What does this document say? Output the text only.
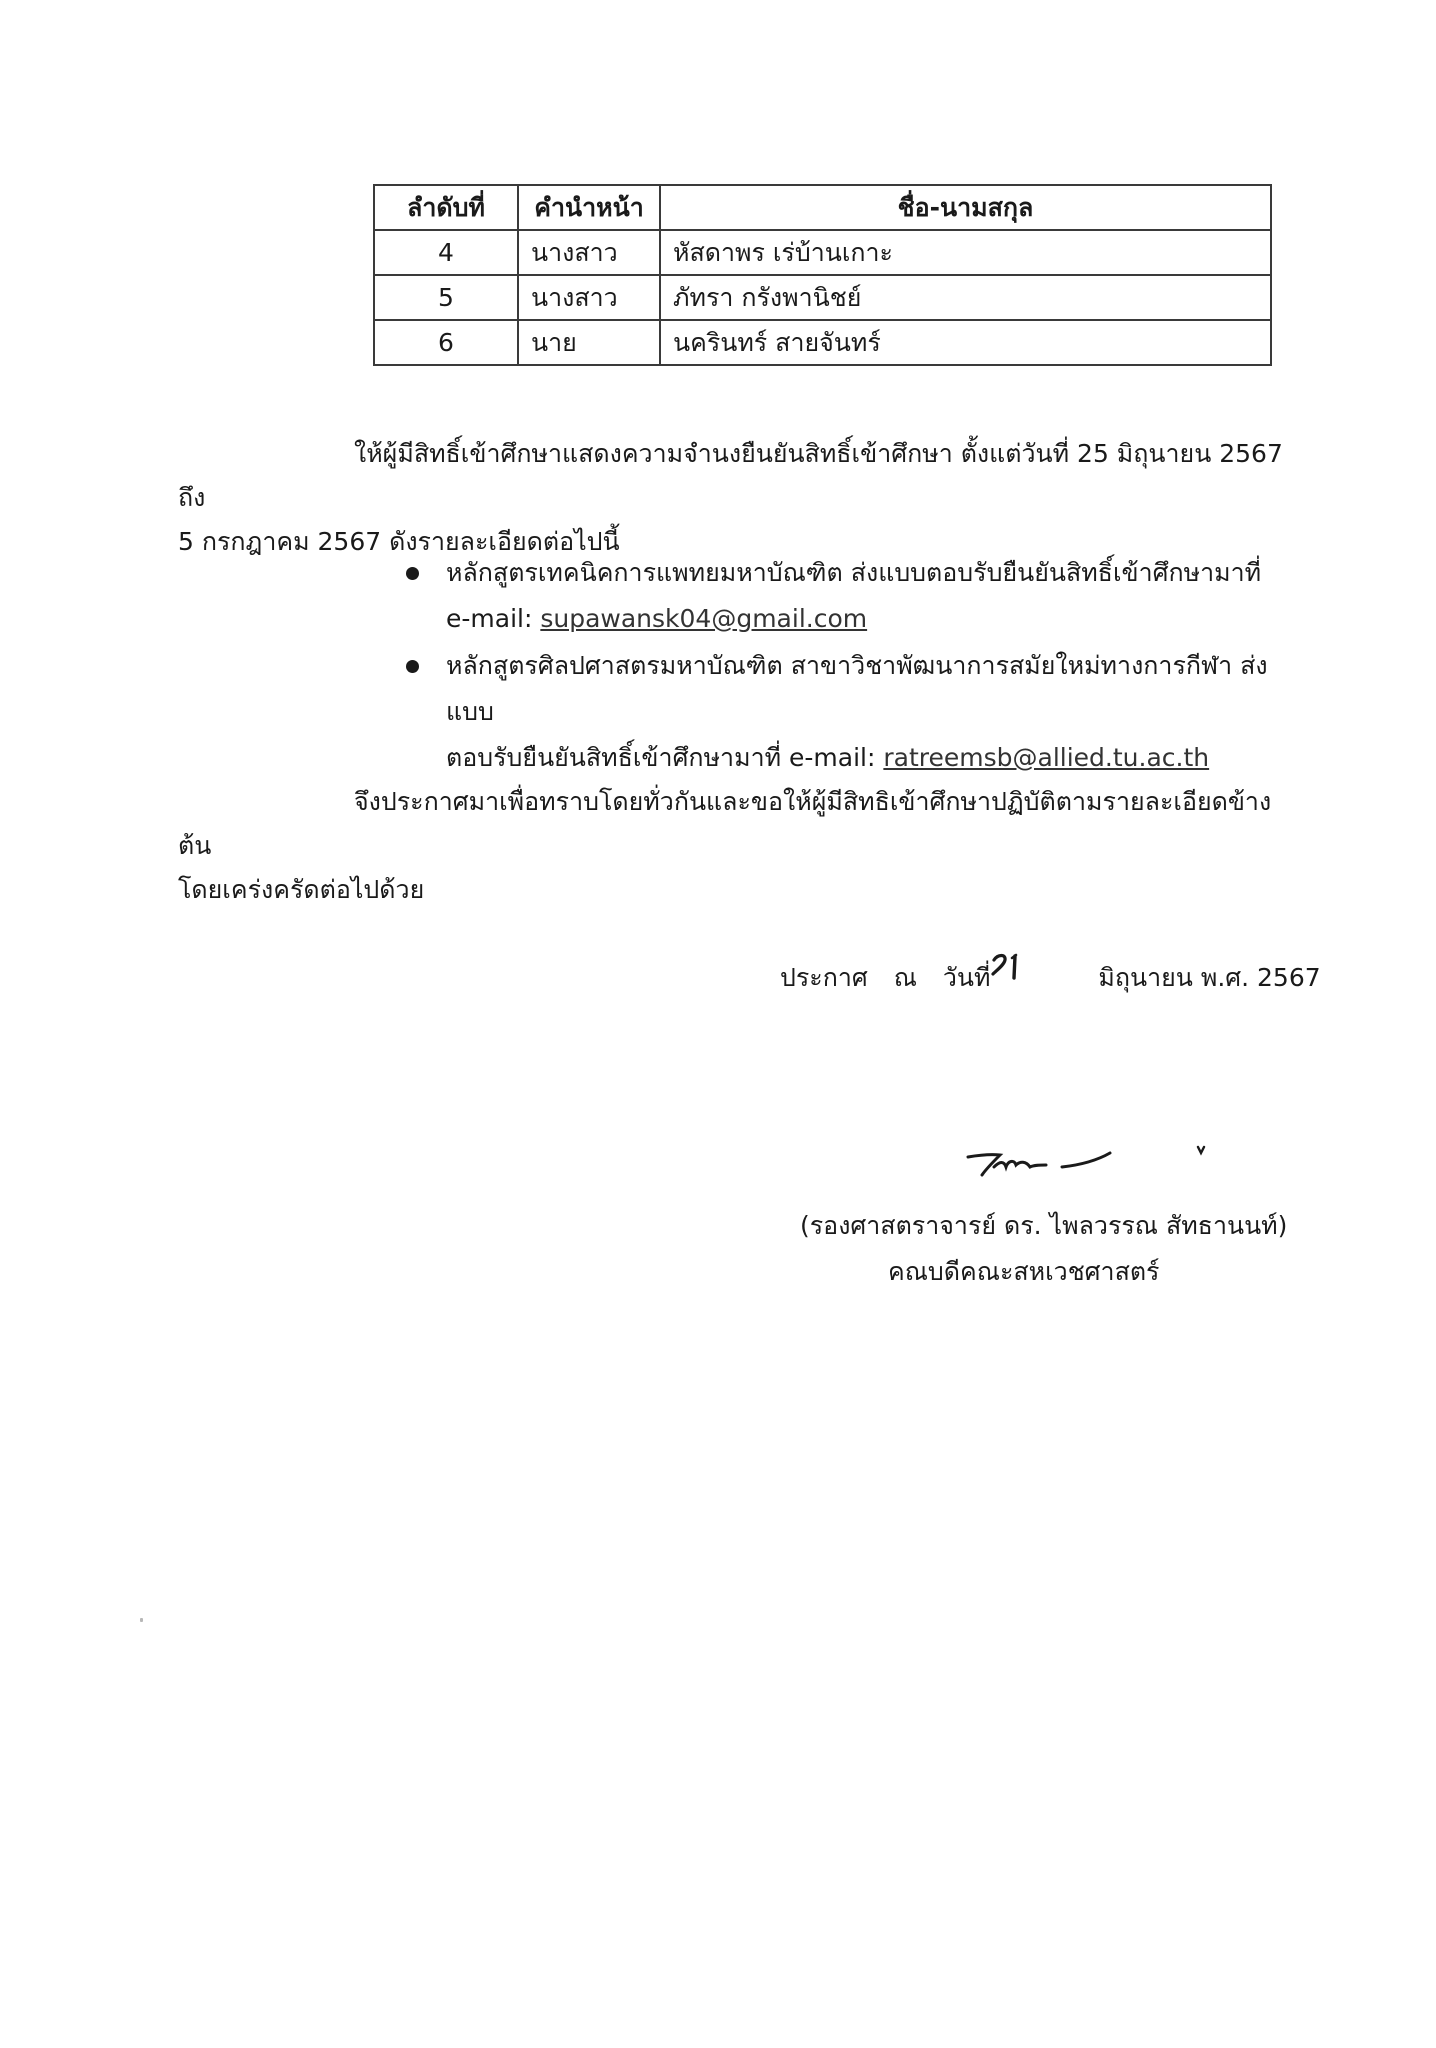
ลำดับที่	คำนำหน้า	ชื่อ-นามสกุล
4	นางสาว	หัสดาพร เร่บ้านเกาะ
5	นางสาว	ภัทรา กรังพานิชย์
6	นาย	นครินทร์ สายจันทร์

ให้ผู้มีสิทธิ์เข้าศึกษาแสดงความจำนงยืนยันสิทธิ์เข้าศึกษา ตั้งแต่วันที่ 25 มิถุนายน 2567 ถึง
5 กรกฎาคม 2567 ดังรายละเอียดต่อไปนี้

หลักสูตรเทคนิคการแพทยมหาบัณฑิต ส่งแบบตอบรับยืนยันสิทธิ์เข้าศึกษามาที่
e-mail: supawansk04@gmail.com
หลักสูตรศิลปศาสตรมหาบัณฑิต สาขาวิชาพัฒนาการสมัยใหม่ทางการกีฬา ส่งแบบ
ตอบรับยืนยันสิทธิ์เข้าศึกษามาที่ e-mail: ratreemsb@allied.tu.ac.th

จึงประกาศมาเพื่อทราบโดยทั่วกันและขอให้ผู้มีสิทธิเข้าศึกษาปฏิบัติตามรายละเอียดข้างต้น
โดยเคร่งครัดต่อไปด้วย

ประกาศ ณ วันที่	มิถุนายน พ.ศ. 2567
(รองศาสตราจารย์ ดร. ไพลวรรณ สัทธานนท์)
คณบดีคณะสหเวชศาสตร์
